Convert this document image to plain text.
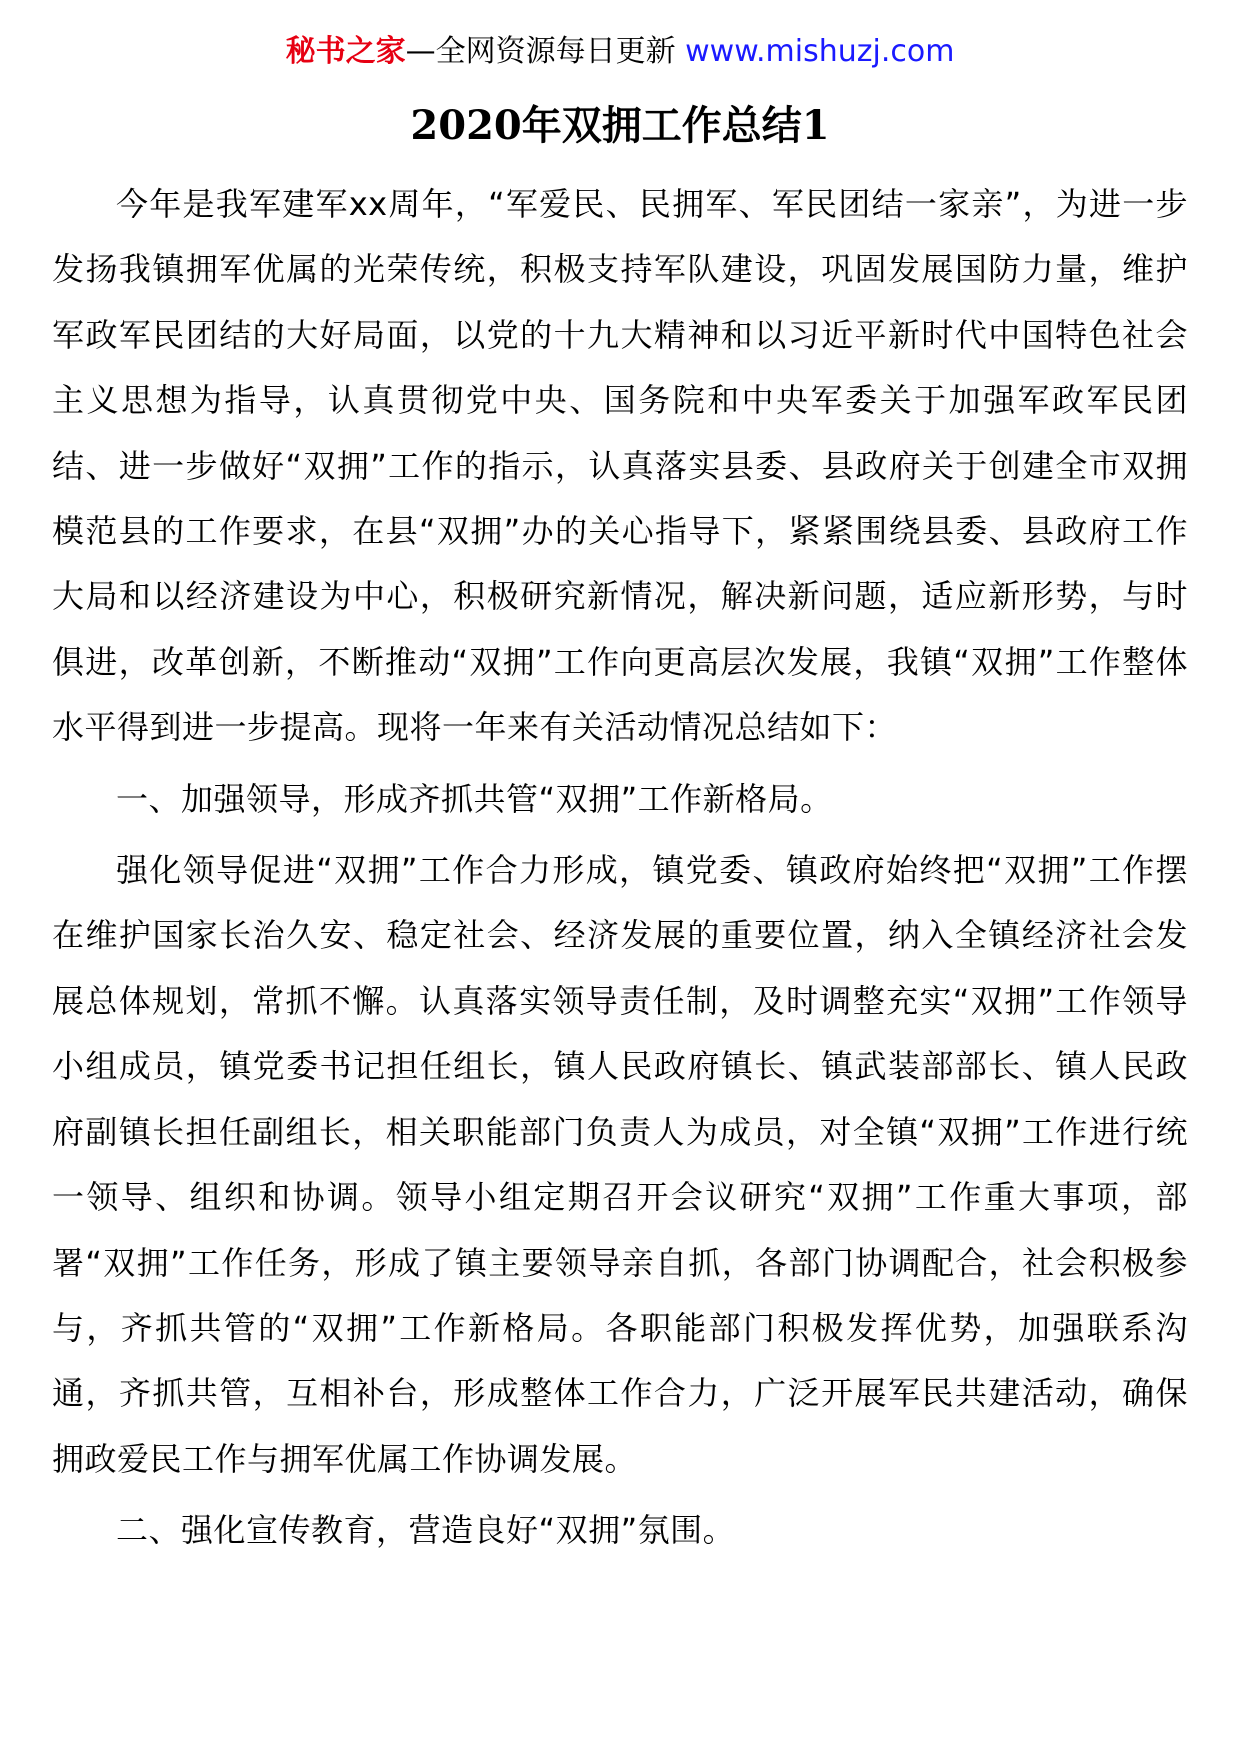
秘书之家—全网资源每日更新 www.mishuzj.com
2020年双拥工作总结1

今年是我军建军xx周年，“军爱民、民拥军、军民团结一家亲”，为进一步发扬我镇拥军优属的光荣传统，积极支持军队建设，巩固发展国防力量，维护军政军民团结的大好局面，以党的十九大精神和以习近平新时代中国特色社会主义思想为指导，认真贯彻党中央、国务院和中央军委关于加强军政军民团结、进一步做好“双拥”工作的指示，认真落实县委、县政府关于创建全市双拥模范县的工作要求，在县“双拥”办的关心指导下，紧紧围绕县委、县政府工作大局和以经济建设为中心，积极研究新情况，解决新问题，适应新形势，与时俱进，改革创新，不断推动“双拥”工作向更高层次发展，我镇“双拥”工作整体水平得到进一步提高。现将一年来有关活动情况总结如下：

一、加强领导，形成齐抓共管“双拥”工作新格局。

强化领导促进“双拥”工作合力形成，镇党委、镇政府始终把“双拥”工作摆在维护国家长治久安、稳定社会、经济发展的重要位置，纳入全镇经济社会发展总体规划，常抓不懈。认真落实领导责任制，及时调整充实“双拥”工作领导小组成员，镇党委书记担任组长，镇人民政府镇长、镇武装部部长、镇人民政府副镇长担任副组长，相关职能部门负责人为成员，对全镇“双拥”工作进行统一领导、组织和协调。领导小组定期召开会议研究“双拥”工作重大事项，部署“双拥”工作任务，形成了镇主要领导亲自抓，各部门协调配合，社会积极参与，齐抓共管的“双拥”工作新格局。各职能部门积极发挥优势，加强联系沟通，齐抓共管，互相补台，形成整体工作合力，广泛开展军民共建活动，确保拥政爱民工作与拥军优属工作协调发展。

二、强化宣传教育，营造良好“双拥”氛围。
